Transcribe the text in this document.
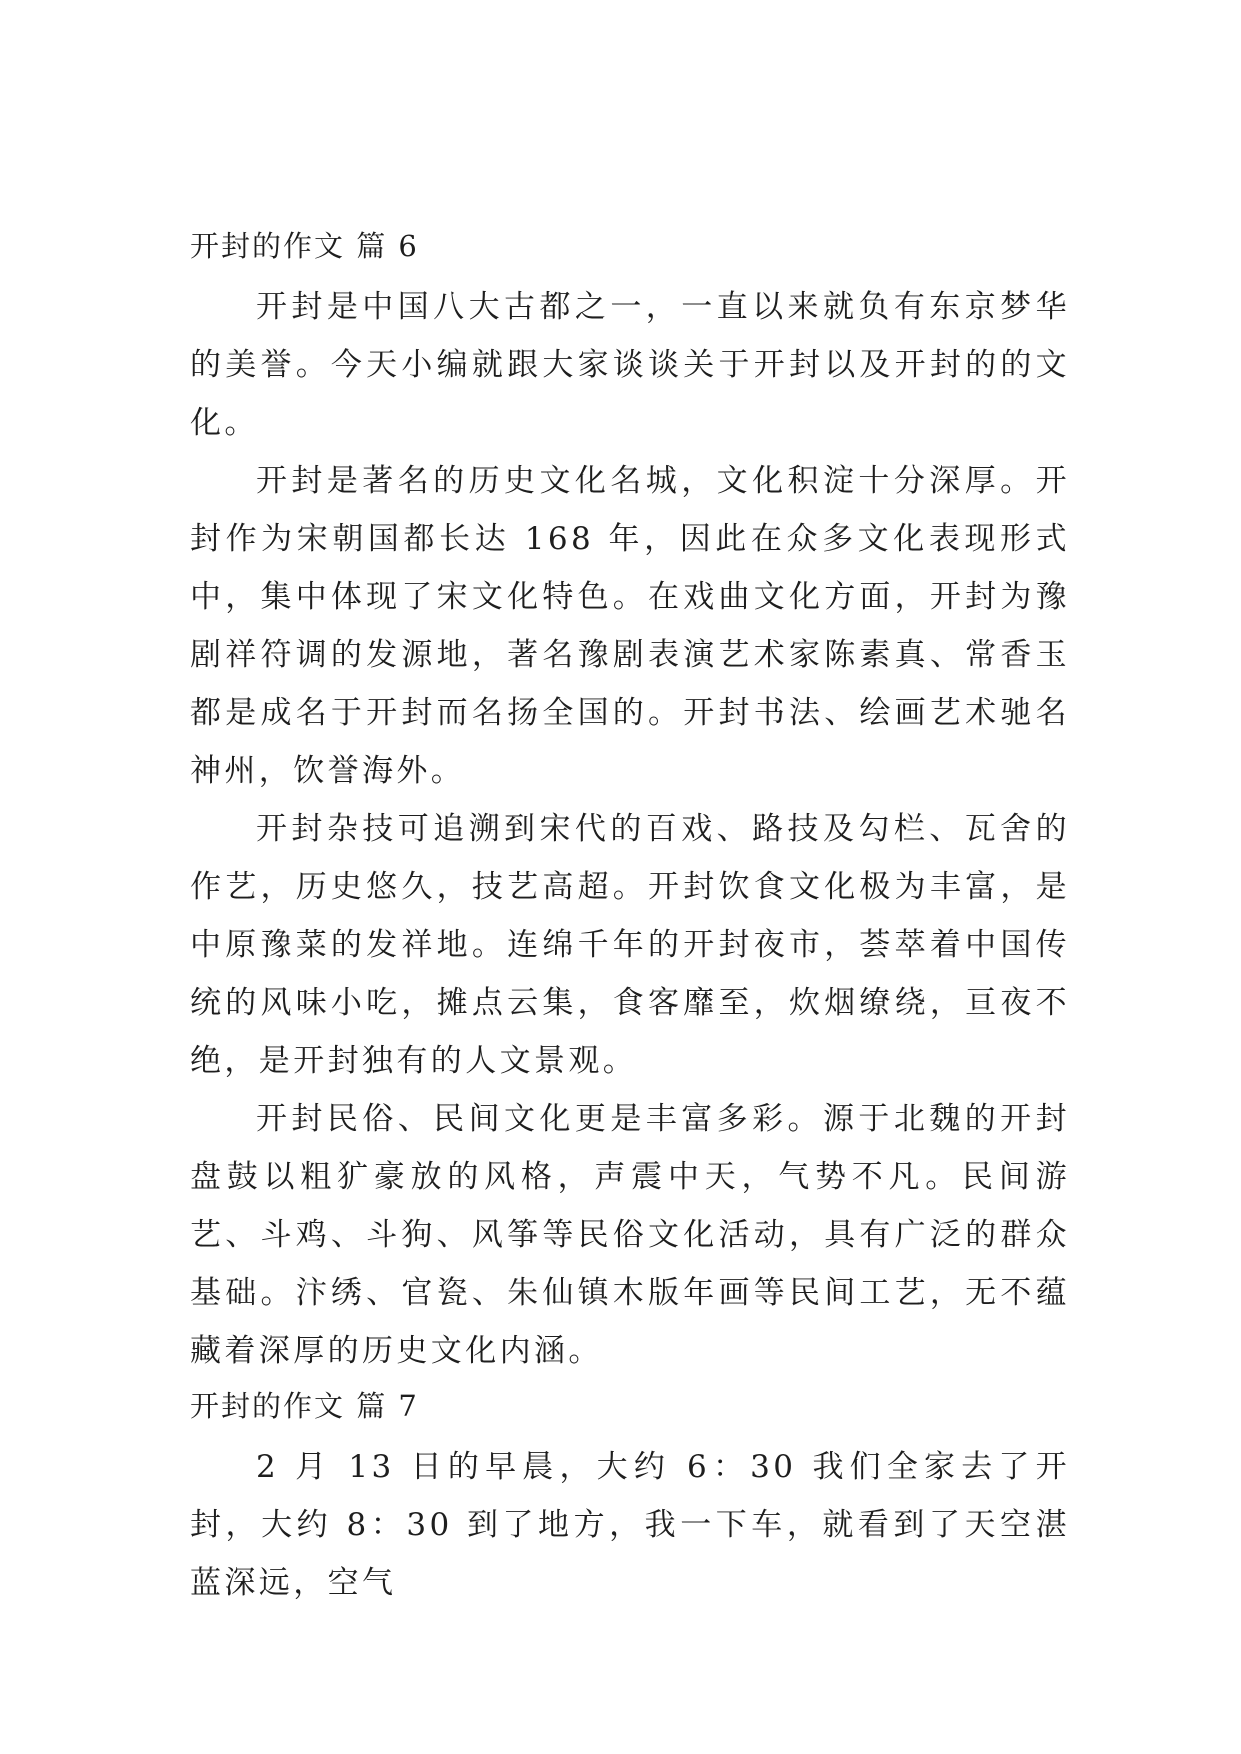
开封的作文 篇 6

开封是中国八大古都之一，一直以来就负有东京梦华的美誉。今天小编就跟大家谈谈关于开封以及开封的的文化。

开封是著名的历史文化名城，文化积淀十分深厚。开封作为宋朝国都长达 168 年，因此在众多文化表现形式中，集中体现了宋文化特色。在戏曲文化方面，开封为豫剧祥符调的发源地，著名豫剧表演艺术家陈素真、常香玉都是成名于开封而名扬全国的。开封书法、绘画艺术驰名神州，饮誉海外。

开封杂技可追溯到宋代的百戏、路技及勾栏、瓦舍的作艺，历史悠久，技艺高超。开封饮食文化极为丰富，是中原豫菜的发祥地。连绵千年的开封夜市，荟萃着中国传统的风味小吃，摊点云集，食客靡至，炊烟缭绕，亘夜不绝，是开封独有的人文景观。

开封民俗、民间文化更是丰富多彩。源于北魏的开封盘鼓以粗犷豪放的风格，声震中天，气势不凡。民间游艺、斗鸡、斗狗、风筝等民俗文化活动，具有广泛的群众基础。汴绣、官瓷、朱仙镇木版年画等民间工艺，无不蕴藏着深厚的历史文化内涵。

开封的作文 篇 7

2 月 13 日的早晨，大约 6：30 我们全家去了开封，大约 8：30 到了地方，我一下车，就看到了天空湛蓝深远，空气
